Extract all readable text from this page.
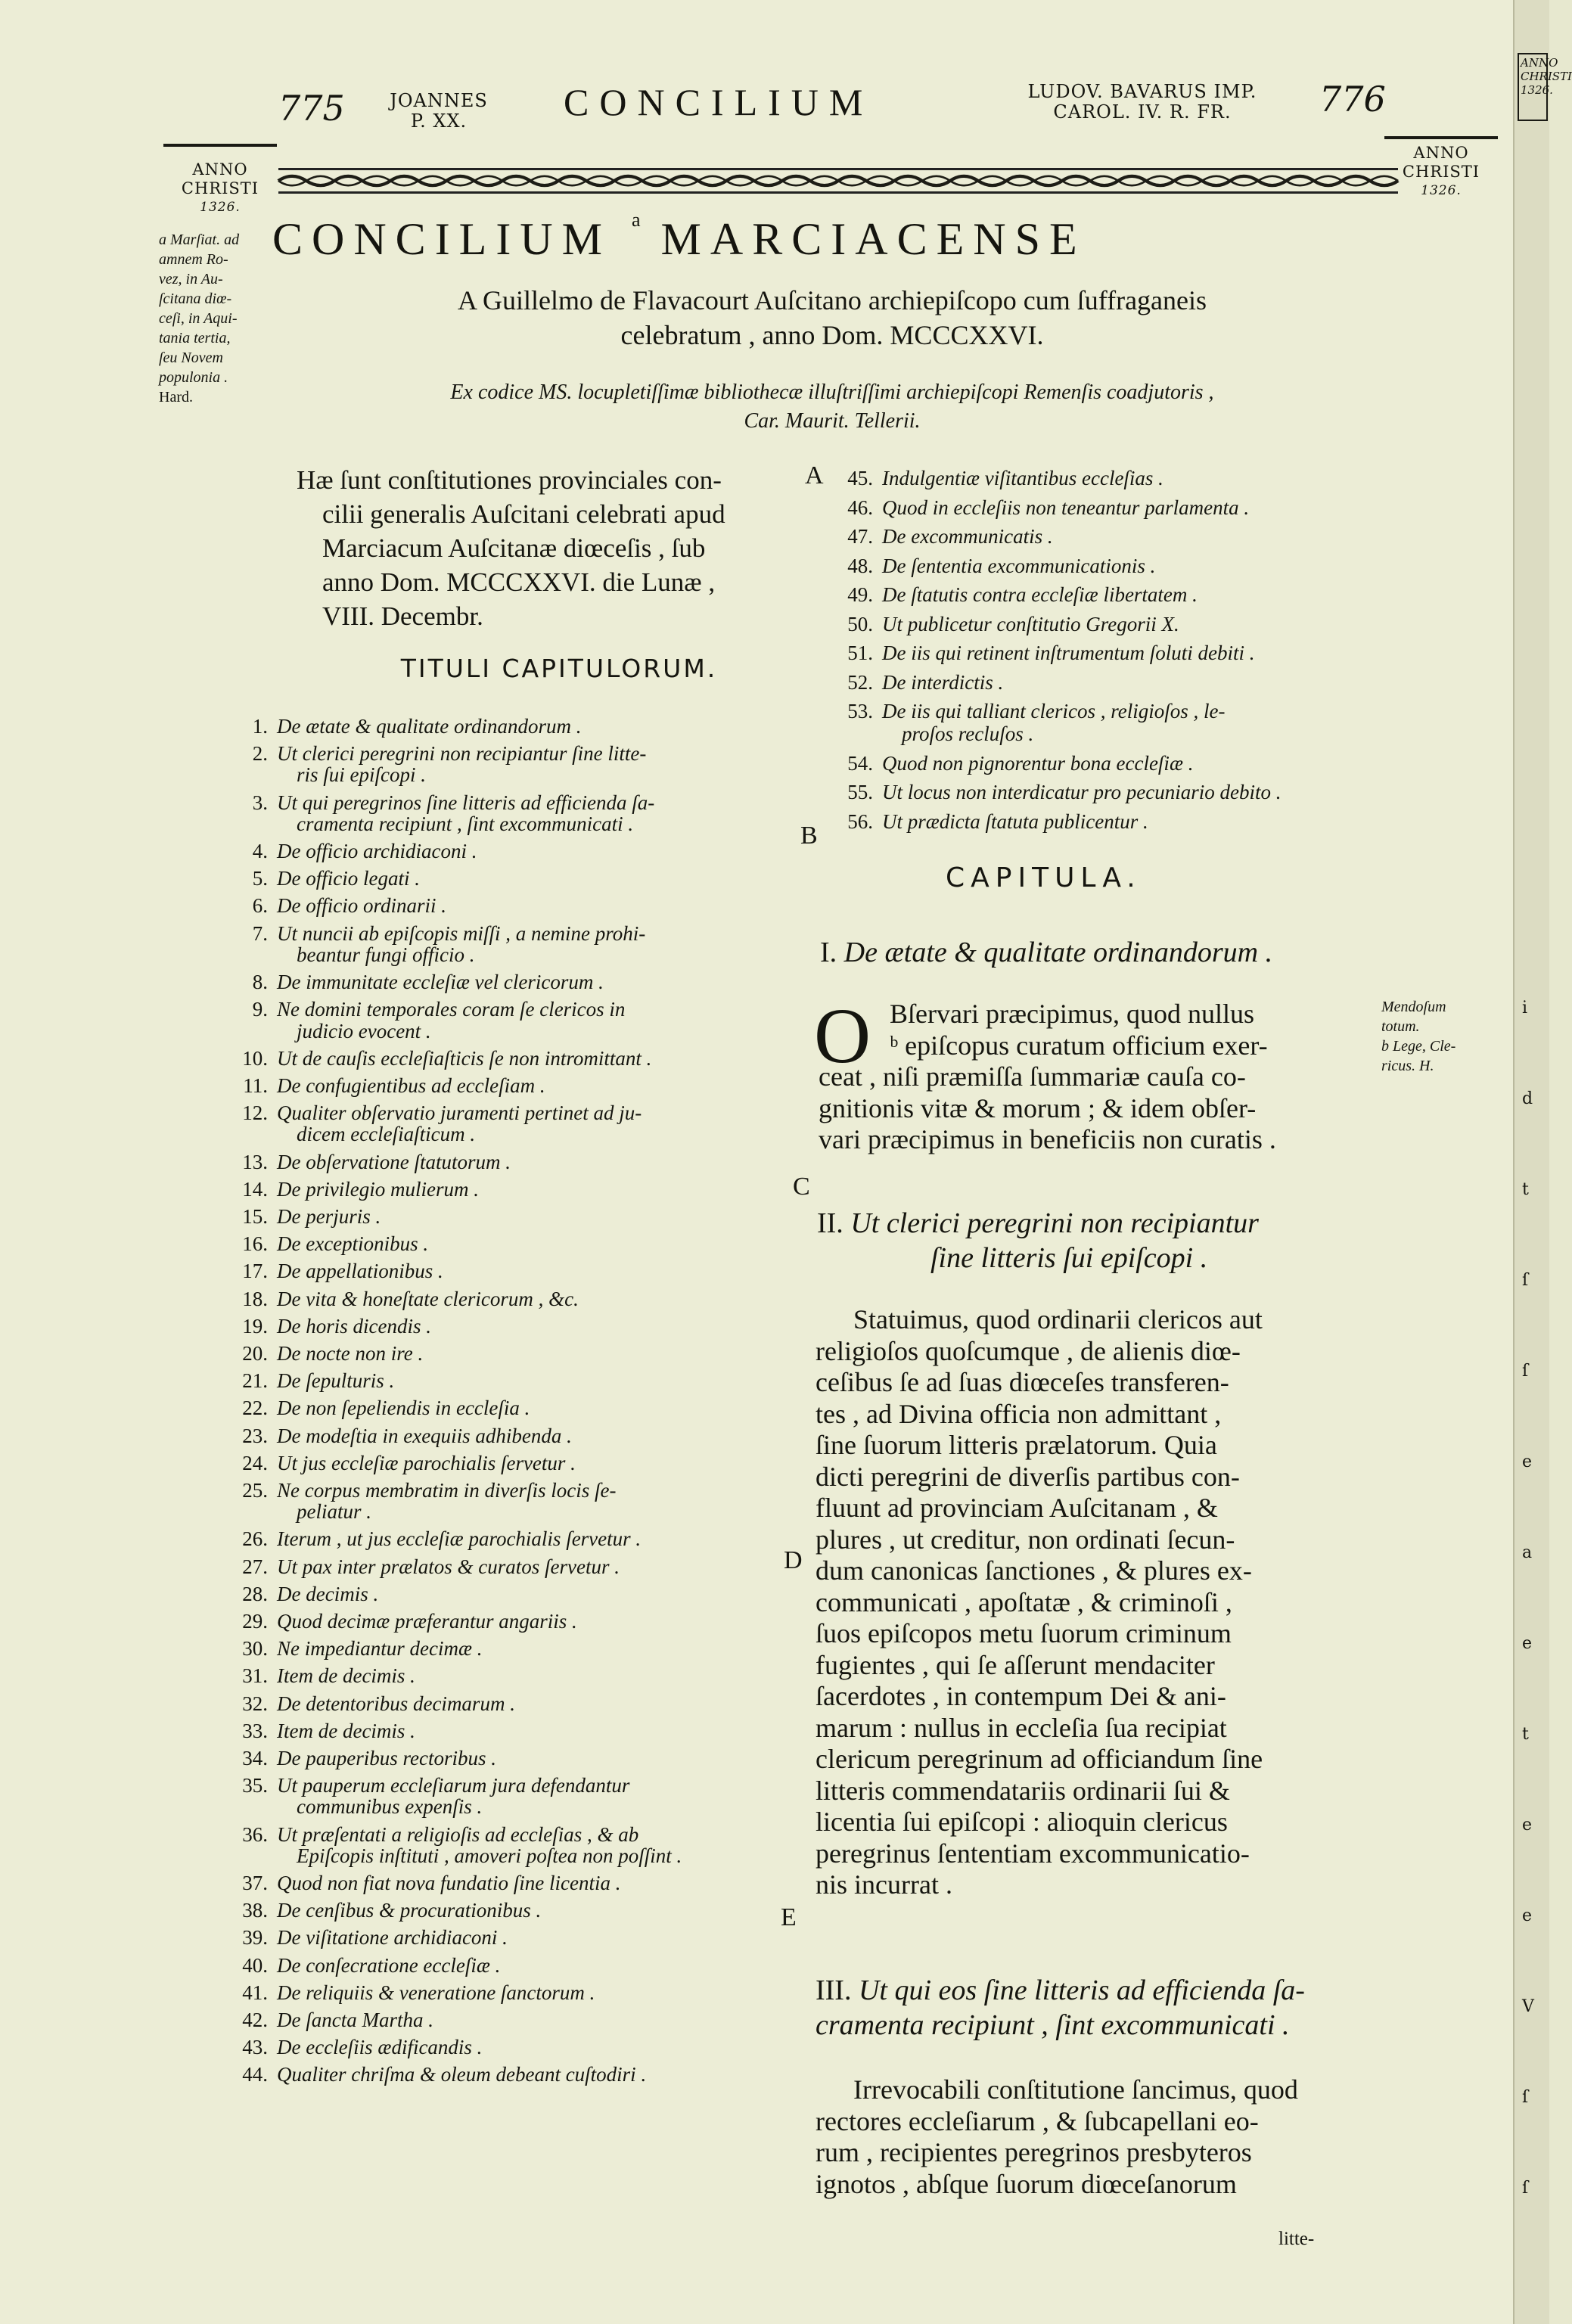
775	JOANNES
P. XX.	CONCILIUM	LUDOV. BAVARUS IMP.
CAROL. IV. R. FR.	776
ANNO
CHRISTI
1326.
ANNO
CHRISTI
1326.
CONCILIUM $^a$ MARCIACENSE
A Guillelmo de Flavacourt Auſcitano archiepiſcopo cum ſuffraganeis
celebratum , anno Dom. MCCCXXVI.
Ex codice MS. locupletiſſimæ bibliothecæ illuſtriſſimi archiepiſcopi Remenſis coadjutoris ,
Car. Maurit. Tellerii.
a Marſiat. ad
amnem Ro-
vez, in Au-
ſcitana diœ-
ceſi, in Aqui-
tania tertia,
ſeu Novem
populonia .
Hard.
Mendoſum
totum.
b Lege, Cle-
ricus. H.
Hæ ſunt conſtitutiones provinciales con-
cilii generalis Auſcitani celebrati apud
Marciacum Auſcitanæ diœceſis , ſub
anno Dom. MCCCXXVI. die Lunæ ,
VIII. Decembr.
TITULI CAPITULORUM.
1. De ætate & qualitate ordinandorum .
2. Ut clerici peregrini non recipiantur ſine litte-
ris ſui epiſcopi .
3. Ut qui peregrinos ſine litteris ad efficienda ſa-
cramenta recipiunt , ſint excommunicati .
4. De officio archidiaconi .
5. De officio legati .
6. De officio ordinarii .
7. Ut nuncii ab epiſcopis miſſi , a nemine prohi-
beantur fungi officio .
8. De immunitate eccleſiæ vel clericorum .
9. Ne domini temporales coram ſe clericos in
judicio evocent .
10. Ut de cauſis eccleſiaſticis ſe non intromittant .
11. De confugientibus ad eccleſiam .
12. Qualiter obſervatio juramenti pertinet ad ju-
dicem eccleſiaſticum .
13. De obſervatione ſtatutorum .
14. De privilegio mulierum .
15. De perjuris .
16. De exceptionibus .
17. De appellationibus .
18. De vita & honeſtate clericorum , &c.
19. De horis dicendis .
20. De nocte non ire .
21. De ſepulturis .
22. De non ſepeliendis in eccleſia .
23. De modeſtia in exequiis adhibenda .
24. Ut jus eccleſiæ parochialis ſervetur .
25. Ne corpus membratim in diverſis locis ſe-
peliatur .
26. Iterum , ut jus eccleſiæ parochialis ſervetur .
27. Ut pax inter prælatos & curatos ſervetur .
28. De decimis .
29. Quod decimæ præferantur angariis .
30. Ne impediantur decimæ .
31. Item de decimis .
32. De detentoribus decimarum .
33. Item de decimis .
34. De pauperibus rectoribus .
35. Ut pauperum eccleſiarum jura defendantur
communibus expenſis .
36. Ut præſentati a religioſis ad eccleſias , & ab
Epiſcopis inſtituti , amoveri poſtea non poſſint .
37. Quod non fiat nova fundatio ſine licentia .
38. De cenſibus & procurationibus .
39. De viſitatione archidiaconi .
40. De conſecratione eccleſiæ .
41. De reliquiis & veneratione ſanctorum .
42. De ſancta Martha .
43. De eccleſiis ædificandis .
44. Qualiter chriſma & oleum debeant cuſtodiri .
45. Indulgentiæ viſitantibus eccleſias .
46. Quod in eccleſiis non teneantur parlamenta .
47. De excommunicatis .
48. De ſententia excommunicationis .
49. De ſtatutis contra eccleſiæ libertatem .
50. Ut publicetur conſtitutio Gregorii X.
51. De iis qui retinent inſtrumentum ſoluti debiti .
52. De interdictis .
53. De iis qui talliant clericos , religioſos , le-
proſos recluſos .
54. Quod non pignorentur bona eccleſiæ .
55. Ut locus non interdicatur pro pecuniario debito .
56. Ut prædicta ſtatuta publicentur .
A
B
C
D
E
CAPITULA.
I. De ætate & qualitate ordinandorum .
O Bſervari præcipimus, quod nullus
ᵇ epiſcopus curatum officium exer-
ceat , niſi præmiſſa ſummariæ cauſa co-
gnitionis vitæ & morum ; & idem obſer-
vari præcipimus in beneficiis non curatis .
II. Ut clerici peregrini non recipiantur
ſine litteris ſui epiſcopi .
Statuimus, quod ordinarii clericos aut
religioſos quoſcumque , de alienis diœ-
ceſibus ſe ad ſuas diœceſes transferen-
tes , ad Divina officia non admittant ,
ſine ſuorum litteris prælatorum. Quia
dicti peregrini de diverſis partibus con-
fluunt ad provinciam Auſcitanam , &
plures , ut creditur, non ordinati ſecun-
dum canonicas ſanctiones , & plures ex-
communicati , apoſtatæ , & criminoſi ,
ſuos epiſcopos metu ſuorum criminum
fugientes , qui ſe aſſerunt mendaciter
ſacerdotes , in contempum Dei & ani-
marum : nullus in eccleſia ſua recipiat
clericum peregrinum ad officiandum ſine
litteris commendatariis ordinarii ſui &
licentia ſui epiſcopi : alioquin clericus
peregrinus ſententiam excommunicatio-
nis incurrat .
III. Ut qui eos ſine litteris ad efficienda ſa-
cramenta recipiunt , ſint excommunicati .
Irrevocabili conſtitutione ſancimus, quod
rectores eccleſiarum , & ſubcapellani eo-
rum , recipientes peregrinos presbyteros
ignotos , abſque ſuorum diœceſanorum
litte-
ANNO
CHRISTI
1326.
i
d
t
ſ
ſ
e
a
e
t
e
e
V
ſ
ſ
